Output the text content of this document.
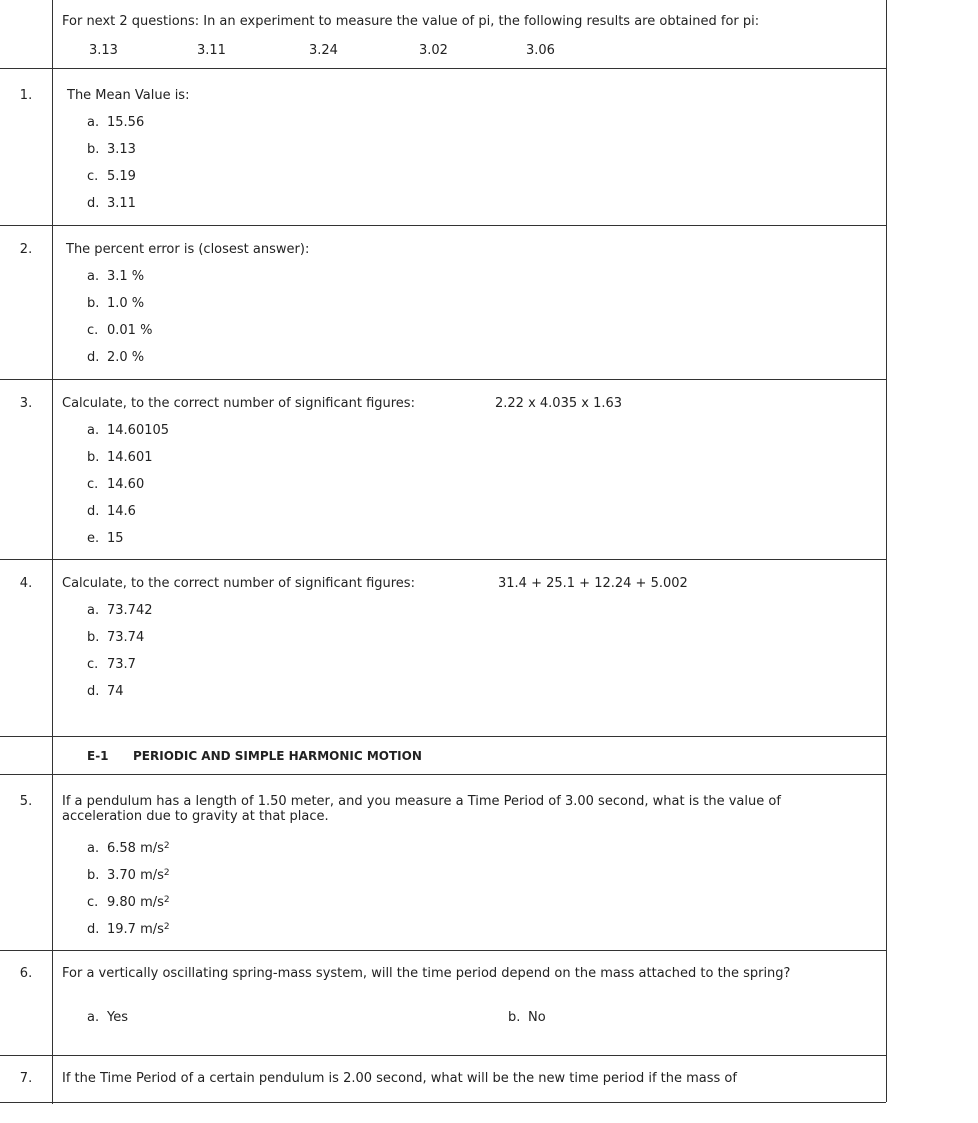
For next 2 questions: In an experiment to measure the value of pi, the following results are obtained for pi:
3.13	3.11	3.24	3.02	3.06
1.	The Mean Value is:
a. 15.56
b. 3.13
c. 5.19
d. 3.11
2.	The percent error is (closest answer):
a. 3.1 %
b. 1.0 %
c. 0.01 %
d. 2.0 %
3.	Calculate, to the correct number of significant figures:	2.22 x 4.035 x 1.63
a. 14.60105
b. 14.601
c. 14.60
d. 14.6
e. 15
4.	Calculate, to the correct number of significant figures:	31.4 + 25.1 + 12.24 + 5.002
a. 73.742
b. 73.74
c. 73.7
d. 74
E-1 PERIODIC AND SIMPLE HARMONIC MOTION
5.	If a pendulum has a length of 1.50 meter, and you measure a Time Period of 3.00 second, what is the value of acceleration due to gravity at that place.
a. 6.58 $m/s^2$
b. 3.70 $m/s^2$
c. 9.80 $m/s^2$
d. 19.7 $m/s^2$
6.	For a vertically oscillating spring-mass system, will the time period depend on the mass attached to the spring?
a. Yes	b. No
7.	If the Time Period of a certain pendulum is 2.00 second, what will be the new time period if the mass of
